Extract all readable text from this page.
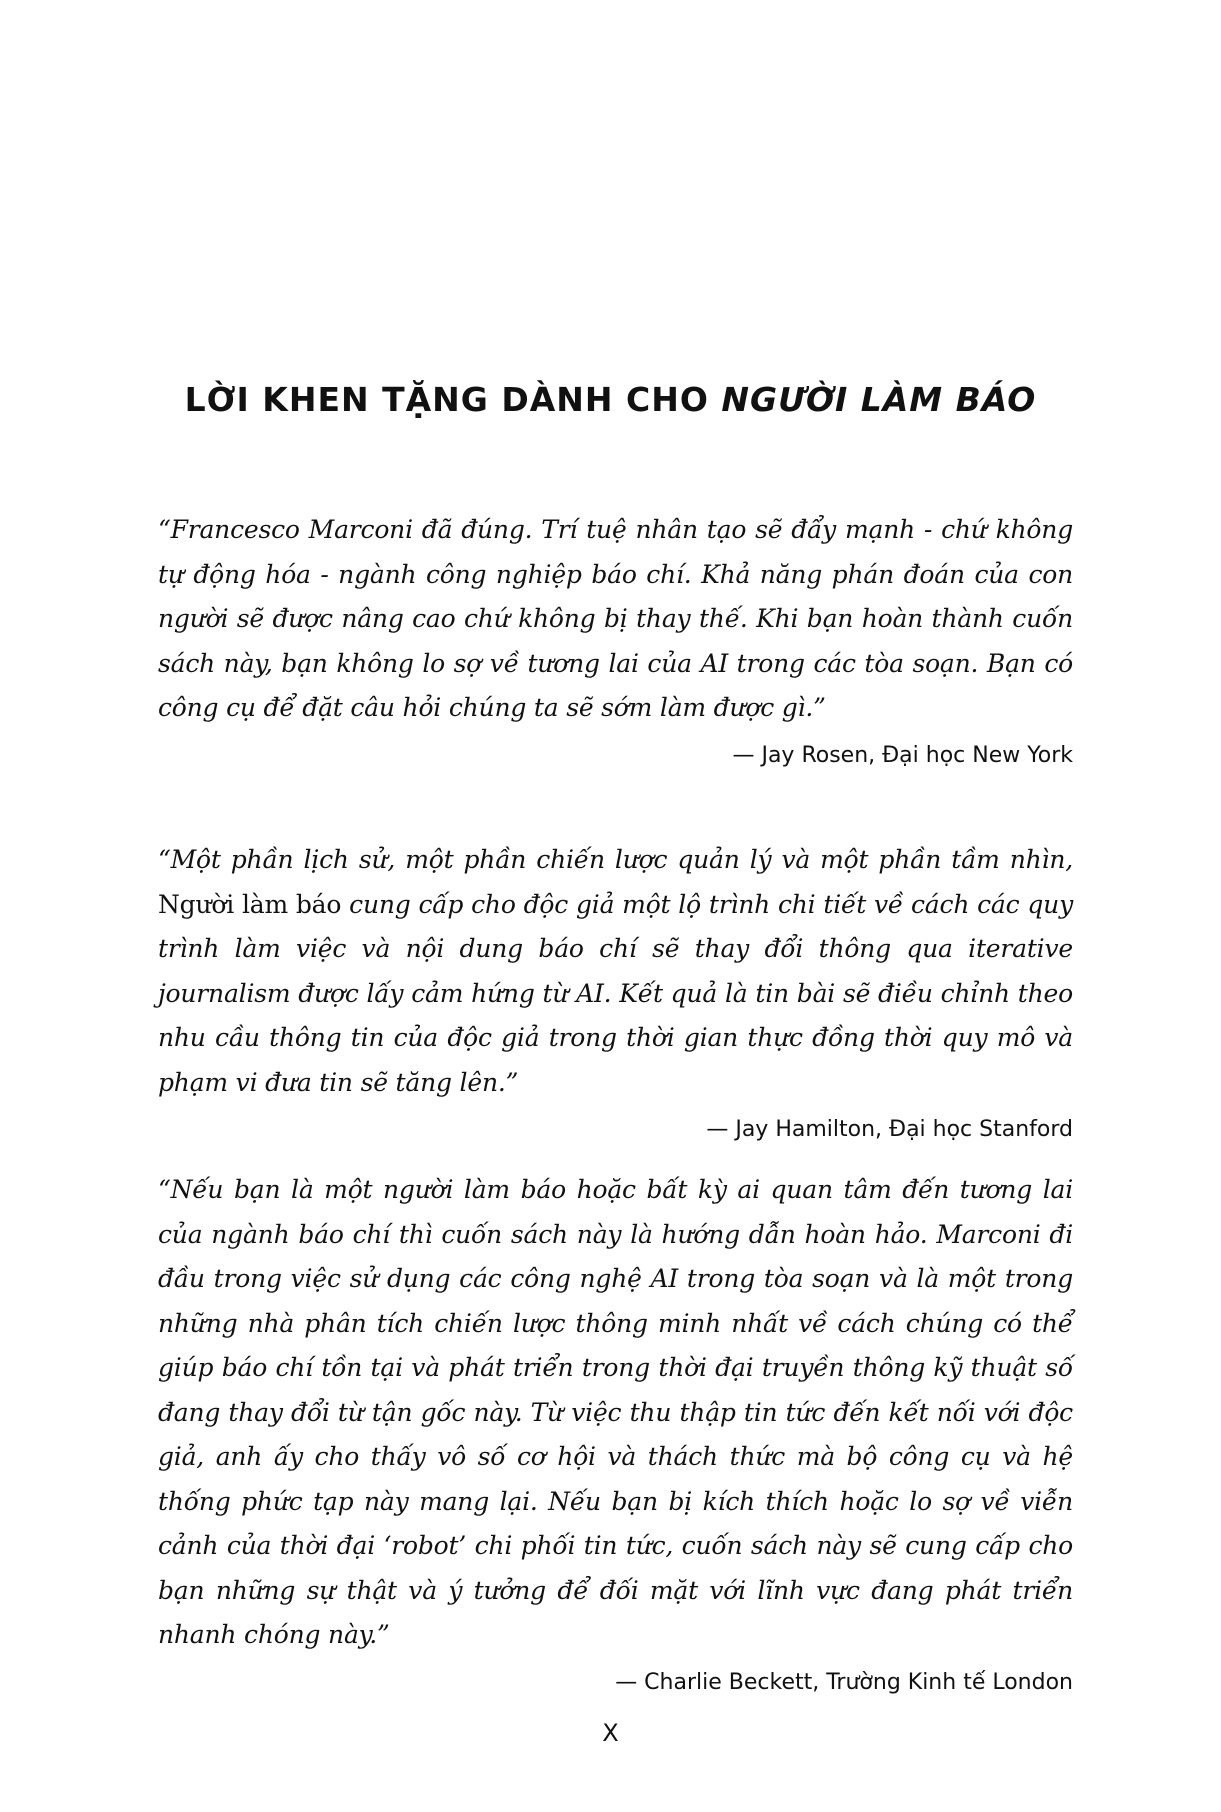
LỜI KHEN TẶNG DÀNH CHO NGƯỜI LÀM BÁO

“Francesco Marconi đã đúng. Trí tuệ nhân tạo sẽ đẩy mạnh - chứ không tự động hóa - ngành công nghiệp báo chí. Khả năng phán đoán của con người sẽ được nâng cao chứ không bị thay thế. Khi bạn hoàn thành cuốn sách này, bạn không lo sợ về tương lai của AI trong các tòa soạn. Bạn có công cụ để đặt câu hỏi chúng ta sẽ sớm làm được gì.”

— Jay Rosen, Đại học New York

“Một phần lịch sử, một phần chiến lược quản lý và một phần tầm nhìn, Người làm báo cung cấp cho độc giả một lộ trình chi tiết về cách các quy trình làm việc và nội dung báo chí sẽ thay đổi thông qua iterative journalism được lấy cảm hứng từ AI. Kết quả là tin bài sẽ điều chỉnh theo nhu cầu thông tin của độc giả trong thời gian thực đồng thời quy mô và phạm vi đưa tin sẽ tăng lên.”

— Jay Hamilton, Đại học Stanford

“Nếu bạn là một người làm báo hoặc bất kỳ ai quan tâm đến tương lai của ngành báo chí thì cuốn sách này là hướng dẫn hoàn hảo. Marconi đi đầu trong việc sử dụng các công nghệ AI trong tòa soạn và là một trong những nhà phân tích chiến lược thông minh nhất về cách chúng có thể giúp báo chí tồn tại và phát triển trong thời đại truyền thông kỹ thuật số đang thay đổi từ tận gốc này. Từ việc thu thập tin tức đến kết nối với độc giả, anh ấy cho thấy vô số cơ hội và thách thức mà bộ công cụ và hệ thống phức tạp này mang lại. Nếu bạn bị kích thích hoặc lo sợ về viễn cảnh của thời đại ‘robot’ chi phối tin tức, cuốn sách này sẽ cung cấp cho bạn những sự thật và ý tưởng để đối mặt với lĩnh vực đang phát triển nhanh chóng này.”

— Charlie Beckett, Trường Kinh tế London

X
